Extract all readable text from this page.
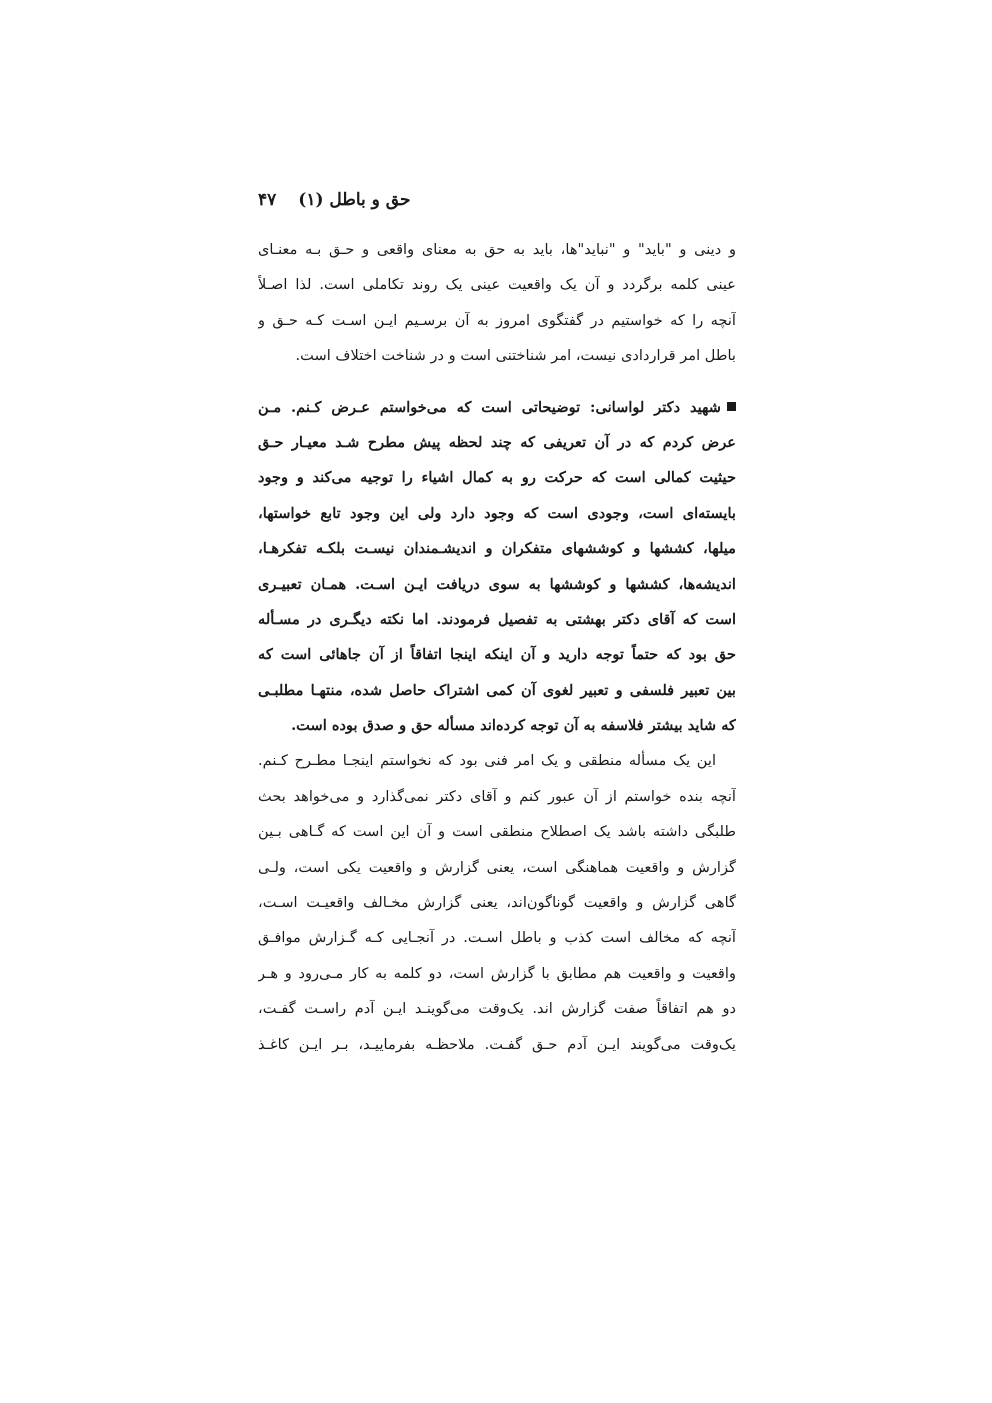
حق و باطل (۱)
۴۷
و دینی و "باید" و "نباید"ها، باید به حق به معنای واقعی و حـق بـه معنـای
عینی کلمه برگردد و آن یک واقعیت عینی یک روند تکاملی است. لذا اصـلاً
آنچه را که خواستیم در گفتگوی امروز به آن برسـیم ایـن اسـت کـه حـق و
باطل امر قراردادی نیست، امر شناختنی است و در شناخت اختلاف است.
شهید دکتر لواسانی: توضیحاتی است که می‌خواستم عـرض کـنم. مـن
عرض کردم که در آن تعریفی که چند لحظه پیش مطرح شـد معیـار حـق
حیثیت کمالی است که حرکت رو به کمال اشیاء را توجیه می‌کند و وجود
بایسته‌ای است، وجودی است که وجود دارد ولی این وجود تابع خواستها،
میلها، کششها و کوششهای متفکران و اندیشـمندان نیسـت بلکـه تفکرهـا،
اندیشه‌ها، کششها و کوششها به سوی دریافت ایـن اسـت. همـان تعبیـری
است که آقای دکتر بهشتی به تفصیل فرمودند. اما نکته دیگـری در مسـأله
حق بود که حتماً توجه دارید و آن اینکه اینجا اتفاقاً از آن جاهائی است که
بین تعبیر فلسفی و تعبیر لغوی آن کمی اشتراک حاصل شده، منتهـا مطلبـی
که شاید بیشتر فلاسفه به آن توجه کرده‌اند مسأله حق و صدق بوده است.
این یک مسأله منطقی و یک امر فنی بود که نخواستم اینجـا مطـرح کـنم.
آنچه بنده خواستم از آن عبور کنم و آقای دکتر نمی‌گذارد و می‌خواهد بحث
طلبگی داشته باشد یک اصطلاح منطقی است و آن این است که گـاهی بـین
گزارش و واقعیت هماهنگی است، یعنی گزارش و واقعیت یکی است، ولـی
گاهی گزارش و واقعیت گوناگون‌اند، یعنی گزارش مخـالف واقعیـت اسـت،
آنچه که مخالف است کذب و باطل اسـت. در آنجـایی کـه گـزارش موافـق
واقعیت و واقعیت هم مطابق با گزارش است، دو کلمه به کار مـی‌رود و هـر
دو هم اتفاقاً صفت گزارش اند. یک‌وقت می‌گوینـد ایـن آدم راسـت گفـت،
یک‌وقت می‌گویند ایـن آدم حـق گفـت. ملاحظـه بفرماییـد، بـر ایـن کاغـذ
